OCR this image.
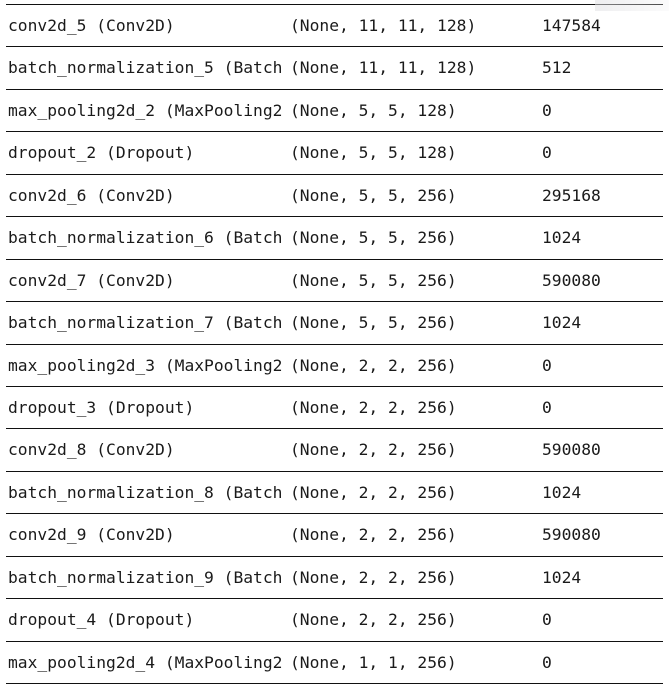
conv2d_5 (Conv2D)	(None, 11, 11, 128)	147584
batch_normalization_5 (Batch (None, 11, 11, 128)	512
max_pooling2d_2 (MaxPooling2 (None, 5, 5, 128)	0
dropout_2 (Dropout)	(None, 5, 5, 128)	0
conv2d_6 (Conv2D)	(None, 5, 5, 256)	295168
batch_normalization_6 (Batch (None, 5, 5, 256)	1024
conv2d_7 (Conv2D)	(None, 5, 5, 256)	590080
batch_normalization_7 (Batch (None, 5, 5, 256)	1024
max_pooling2d_3 (MaxPooling2 (None, 2, 2, 256)	0
dropout_3 (Dropout)	(None, 2, 2, 256)	0
conv2d_8 (Conv2D)	(None, 2, 2, 256)	590080
batch_normalization_8 (Batch (None, 2, 2, 256)	1024
conv2d_9 (Conv2D)	(None, 2, 2, 256)	590080
batch_normalization_9 (Batch (None, 2, 2, 256)	1024
dropout_4 (Dropout)	(None, 2, 2, 256)	0
max_pooling2d_4 (MaxPooling2 (None, 1, 1, 256)	0
